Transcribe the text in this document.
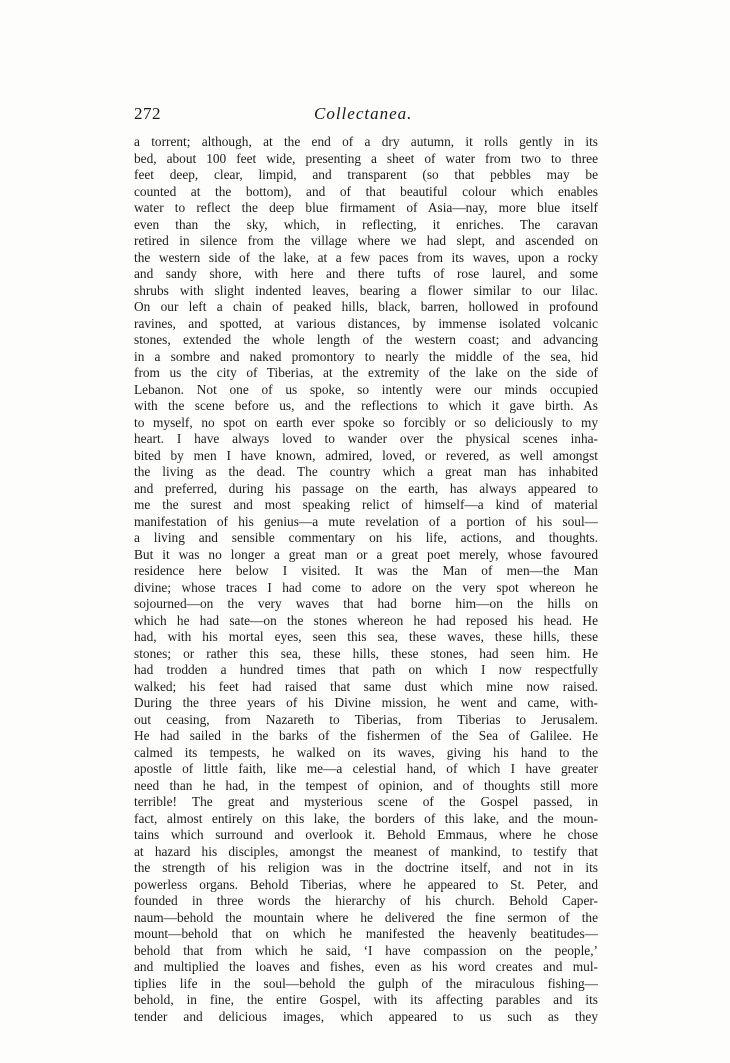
272	Collectanea.
a torrent; although, at the end of a dry autumn, it rolls gently in its
bed, about 100 feet wide, presenting a sheet of water from two to three
feet deep, clear, limpid, and transparent (so that pebbles may be
counted at the bottom), and of that beautiful colour which enables
water to reflect the deep blue firmament of Asia—nay, more blue itself
even than the sky, which, in reflecting, it enriches. The caravan
retired in silence from the village where we had slept, and ascended on
the western side of the lake, at a few paces from its waves, upon a rocky
and sandy shore, with here and there tufts of rose laurel, and some
shrubs with slight indented leaves, bearing a flower similar to our lilac.
On our left a chain of peaked hills, black, barren, hollowed in profound
ravines, and spotted, at various distances, by immense isolated volcanic
stones, extended the whole length of the western coast; and advancing
in a sombre and naked promontory to nearly the middle of the sea, hid
from us the city of Tiberias, at the extremity of the lake on the side of
Lebanon. Not one of us spoke, so intently were our minds occupied
with the scene before us, and the reflections to which it gave birth. As
to myself, no spot on earth ever spoke so forcibly or so deliciously to my
heart. I have always loved to wander over the physical scenes inha-
bited by men I have known, admired, loved, or revered, as well amongst
the living as the dead. The country which a great man has inhabited
and preferred, during his passage on the earth, has always appeared to
me the surest and most speaking relict of himself—a kind of material
manifestation of his genius—a mute revelation of a portion of his soul—
a living and sensible commentary on his life, actions, and thoughts.
But it was no longer a great man or a great poet merely, whose favoured
residence here below I visited. It was the Man of men—the Man
divine; whose traces I had come to adore on the very spot whereon he
sojourned—on the very waves that had borne him—on the hills on
which he had sate—on the stones whereon he had reposed his head. He
had, with his mortal eyes, seen this sea, these waves, these hills, these
stones; or rather this sea, these hills, these stones, had seen him. He
had trodden a hundred times that path on which I now respectfully
walked; his feet had raised that same dust which mine now raised.
During the three years of his Divine mission, he went and came, with-
out ceasing, from Nazareth to Tiberias, from Tiberias to Jerusalem.
He had sailed in the barks of the fishermen of the Sea of Galilee. He
calmed its tempests, he walked on its waves, giving his hand to the
apostle of little faith, like me—a celestial hand, of which I have greater
need than he had, in the tempest of opinion, and of thoughts still more
terrible! The great and mysterious scene of the Gospel passed, in
fact, almost entirely on this lake, the borders of this lake, and the moun-
tains which surround and overlook it. Behold Emmaus, where he chose
at hazard his disciples, amongst the meanest of mankind, to testify that
the strength of his religion was in the doctrine itself, and not in its
powerless organs. Behold Tiberias, where he appeared to St. Peter, and
founded in three words the hierarchy of his church. Behold Caper-
naum—behold the mountain where he delivered the fine sermon of the
mount—behold that on which he manifested the heavenly beatitudes—
behold that from which he said, ‘I have compassion on the people,’
and multiplied the loaves and fishes, even as his word creates and mul-
tiplies life in the soul—behold the gulph of the miraculous fishing—
behold, in fine, the entire Gospel, with its affecting parables and its
tender and delicious images, which appeared to us such as they
